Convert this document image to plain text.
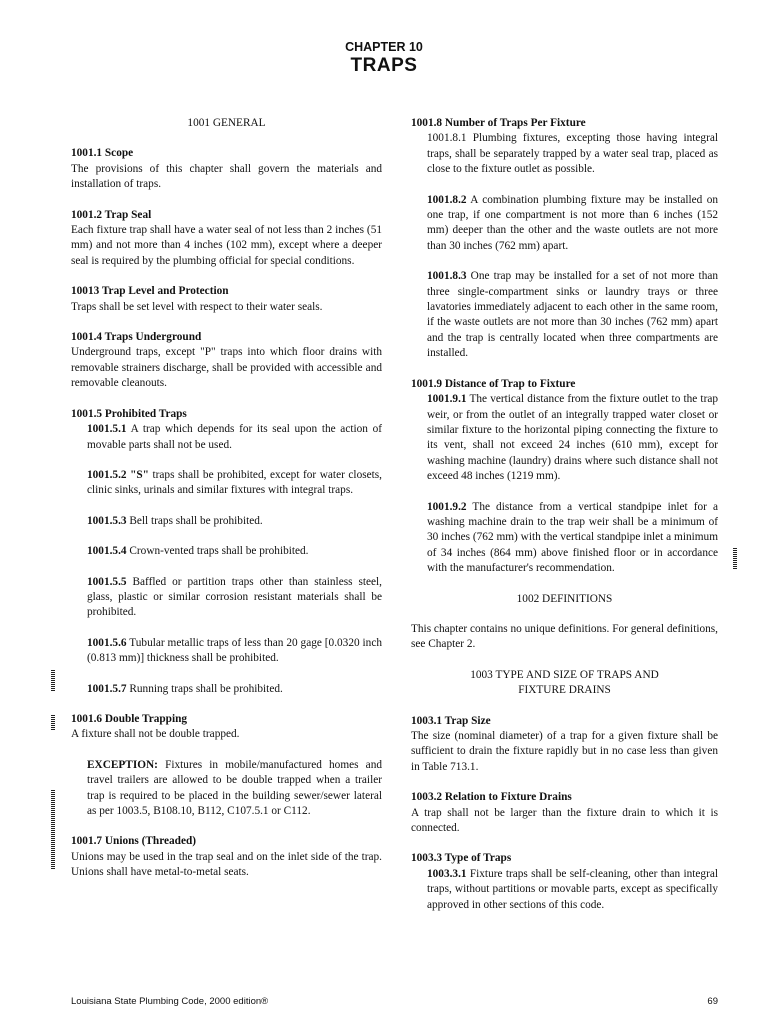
CHAPTER 10
TRAPS
1001 GENERAL
1001.1 Scope
The provisions of this chapter shall govern the materials and installation of traps.
1001.2 Trap Seal
Each fixture trap shall have a water seal of not less than 2 inches (51 mm) and not more than 4 inches (102 mm), except where a deeper seal is required by the plumbing official for special conditions.
10013 Trap Level and Protection
Traps shall be set level with respect to their water seals.
1001.4 Traps Underground
Underground traps, except "P" traps into which floor drains with removable strainers discharge, shall be provided with accessible and removable cleanouts.
1001.5 Prohibited Traps
1001.5.1 A trap which depends for its seal upon the action of movable parts shall not be used.
1001.5.2 "S" traps shall be prohibited, except for water closets, clinic sinks, urinals and similar fixtures with integral traps.
1001.5.3 Bell traps shall be prohibited.
1001.5.4 Crown-vented traps shall be prohibited.
1001.5.5 Baffled or partition traps other than stainless steel, glass, plastic or similar corrosion resistant materials shall be prohibited.
1001.5.6 Tubular metallic traps of less than 20 gage [0.0320 inch (0.813 mm)] thickness shall be prohibited.
1001.5.7 Running traps shall be prohibited.
1001.6 Double Trapping
A fixture shall not be double trapped.
EXCEPTION: Fixtures in mobile/manufactured homes and travel trailers are allowed to be double trapped when a trailer trap is required to be placed in the building sewer/sewer lateral as per 1003.5, B108.10, B112, C107.5.1 or C112.
1001.7 Unions (Threaded)
Unions may be used in the trap seal and on the inlet side of the trap. Unions shall have metal-to-metal seats.
1001.8 Number of Traps Per Fixture
1001.8.1 Plumbing fixtures, excepting those having integral traps, shall be separately trapped by a water seal trap, placed as close to the fixture outlet as possible.
1001.8.2 A combination plumbing fixture may be installed on one trap, if one compartment is not more than 6 inches (152 mm) deeper than the other and the waste outlets are not more than 30 inches (762 mm) apart.
1001.8.3 One trap may be installed for a set of not more than three single-compartment sinks or laundry trays or three lavatories immediately adjacent to each other in the same room, if the waste outlets are not more than 30 inches (762 mm) apart and the trap is centrally located when three compartments are installed.
1001.9 Distance of Trap to Fixture
1001.9.1 The vertical distance from the fixture outlet to the trap weir, or from the outlet of an integrally trapped water closet or similar fixture to the horizontal piping connecting the fixture to its vent, shall not exceed 24 inches (610 mm), except for washing machine (laundry) drains where such distance shall not exceed 48 inches (1219 mm).
1001.9.2 The distance from a vertical standpipe inlet for a washing machine drain to the trap weir shall be a minimum of 30 inches (762 mm) with the vertical standpipe inlet a minimum of 34 inches (864 mm) above finished floor or in accordance with the manufacturer's recommendation.
1002 DEFINITIONS
This chapter contains no unique definitions. For general definitions, see Chapter 2.
1003 TYPE AND SIZE OF TRAPS AND
FIXTURE DRAINS
1003.1 Trap Size
The size (nominal diameter) of a trap for a given fixture shall be sufficient to drain the fixture rapidly but in no case less than given in Table 713.1.
1003.2 Relation to Fixture Drains
A trap shall not be larger than the fixture drain to which it is connected.
1003.3 Type of Traps
1003.3.1 Fixture traps shall be self-cleaning, other than integral traps, without partitions or movable parts, except as specifically approved in other sections of this code.
Louisiana State Plumbing Code, 2000 edition®	69
